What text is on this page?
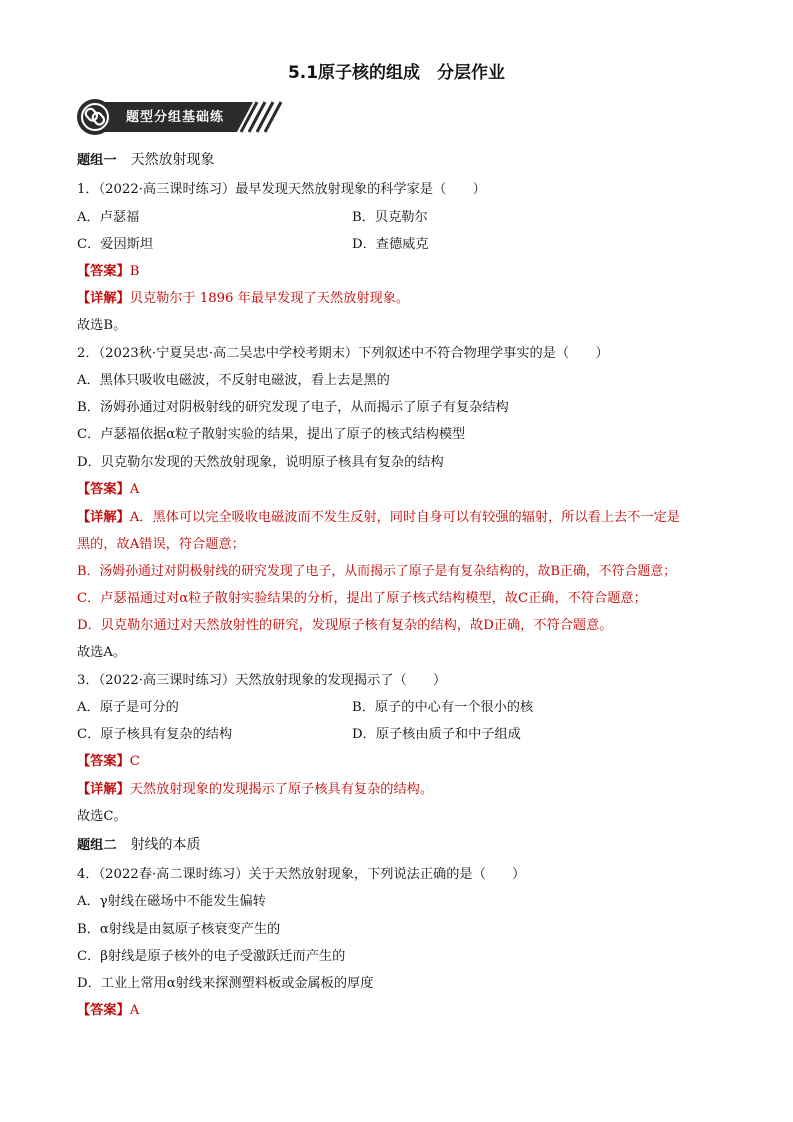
5.1原子核的组成　分层作业
题型分组基础练
题组一 天然放射现象
1．（2022·高三课时练习）最早发现天然放射现象的科学家是（　　）
A．卢瑟福	B．贝克勒尔
C．爱因斯坦	D．查德威克
【答案】B
【详解】贝克勒尔于 1896 年最早发现了天然放射现象。
故选B。
2．（2023秋·宁夏吴忠·高二吴忠中学校考期末）下列叙述中不符合物理学事实的是（　　）
A．黑体只吸收电磁波，不反射电磁波，看上去是黑的
B．汤姆孙通过对阴极射线的研究发现了电子，从而揭示了原子有复杂结构
C．卢瑟福依据α粒子散射实验的结果，提出了原子的核式结构模型
D．贝克勒尔发现的天然放射现象，说明原子核具有复杂的结构
【答案】A
【详解】A．黑体可以完全吸收电磁波而不发生反射，同时自身可以有较强的辐射，所以看上去不一定是
黑的，故A错误，符合题意；
B．汤姆孙通过对阴极射线的研究发现了电子，从而揭示了原子是有复杂结构的，故B正确，不符合题意；
C．卢瑟福通过对α粒子散射实验结果的分析，提出了原子核式结构模型，故C正确，不符合题意；
D．贝克勒尔通过对天然放射性的研究，发现原子核有复杂的结构，故D正确，不符合题意。
故选A。
3．（2022·高三课时练习）天然放射现象的发现揭示了（　　）
A．原子是可分的	B．原子的中心有一个很小的核
C．原子核具有复杂的结构	D．原子核由质子和中子组成
【答案】C
【详解】天然放射现象的发现揭示了原子核具有复杂的结构。
故选C。
题组二 射线的本质
4．（2022春·高二课时练习）关于天然放射现象，下列说法正确的是（　　）
A．γ射线在磁场中不能发生偏转
B．α射线是由氦原子核衰变产生的
C．β射线是原子核外的电子受激跃迁而产生的
D．工业上常用α射线来探测塑料板或金属板的厚度
【答案】A
